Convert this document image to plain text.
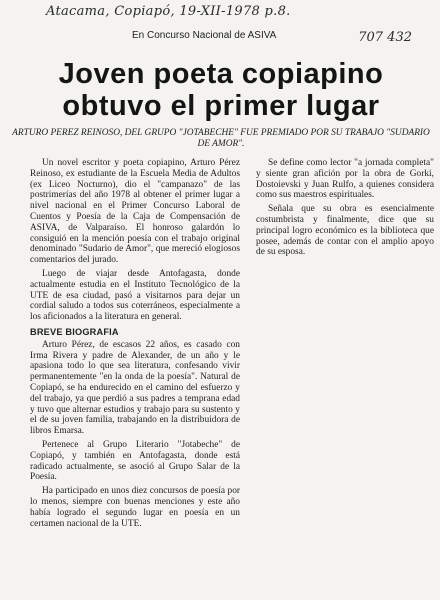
Atacama, Copiapó, 19-XII-1978 p.8.
707 432
En Concurso Nacional de ASIVA
Joven poeta copiapino obtuvo el primer lugar
ARTURO PEREZ REINOSO, DEL GRUPO "JOTABECHE" FUE PREMIADO POR SU TRABAJO "SUDARIO DE AMOR".

Un novel escritor y poeta copiapino, Arturo Pérez Reinoso, ex estudiante de la Escuela Media de Adultos (ex Liceo Nocturno), dio el "campanazo" de las postrimerías del año 1978 al obtener el primer lugar a nivel nacional en el Primer Concurso Laboral de Cuentos y Poesía de la Caja de Compensación de ASIVA, de Valparaíso. El honroso galardón lo consiguió en la mención poesía con el trabajo original denominado "Sudario de Amor", que mereció elogiosos comentarios del jurado.

Luego de viajar desde Antofagasta, donde actualmente estudia en el Instituto Tecnológico de la UTE de esa ciudad, pasó a visitarnos para dejar un cordial saludo a todos sus coterráneos, especialmente a los aficionados a la literatura en general.

BREVE BIOGRAFIA

Arturo Pérez, de escasos 22 años, es casado con Irma Rivera y padre de Alexander, de un año y le apasiona todo lo que sea literatura, confesando vivir permanentemente "en la onda de la poesía". Natural de Copiapó, se ha endurecido en el camino del esfuerzo y del trabajo, ya que perdió a sus padres a temprana edad y tuvo que alternar estudios y trabajo para su sustento y el de su joven familia, trabajando en la distribuidora de libros Emarsa.

Pertenece al Grupo Literario "Jotabeche" de Copiapó, y también en Antofagasta, donde está radicado actualmente, se asoció al Grupo Salar de la Poesía.

Ha participado en unos diez concursos de poesía por lo menos, siempre con buenas menciones y este año había logrado el segundo lugar en poesía en un certamen nacional de la UTE.

Se define como lector "a jornada completa" y siente gran afición por la obra de Gorki, Dostoievski y Juan Rulfo, a quienes considera como sus maestros espirituales.

Señala que su obra es esencialmente costumbrista y finalmente, dice que su principal logro económico es la biblioteca que posee, además de contar con el amplio apoyo de su esposa.
